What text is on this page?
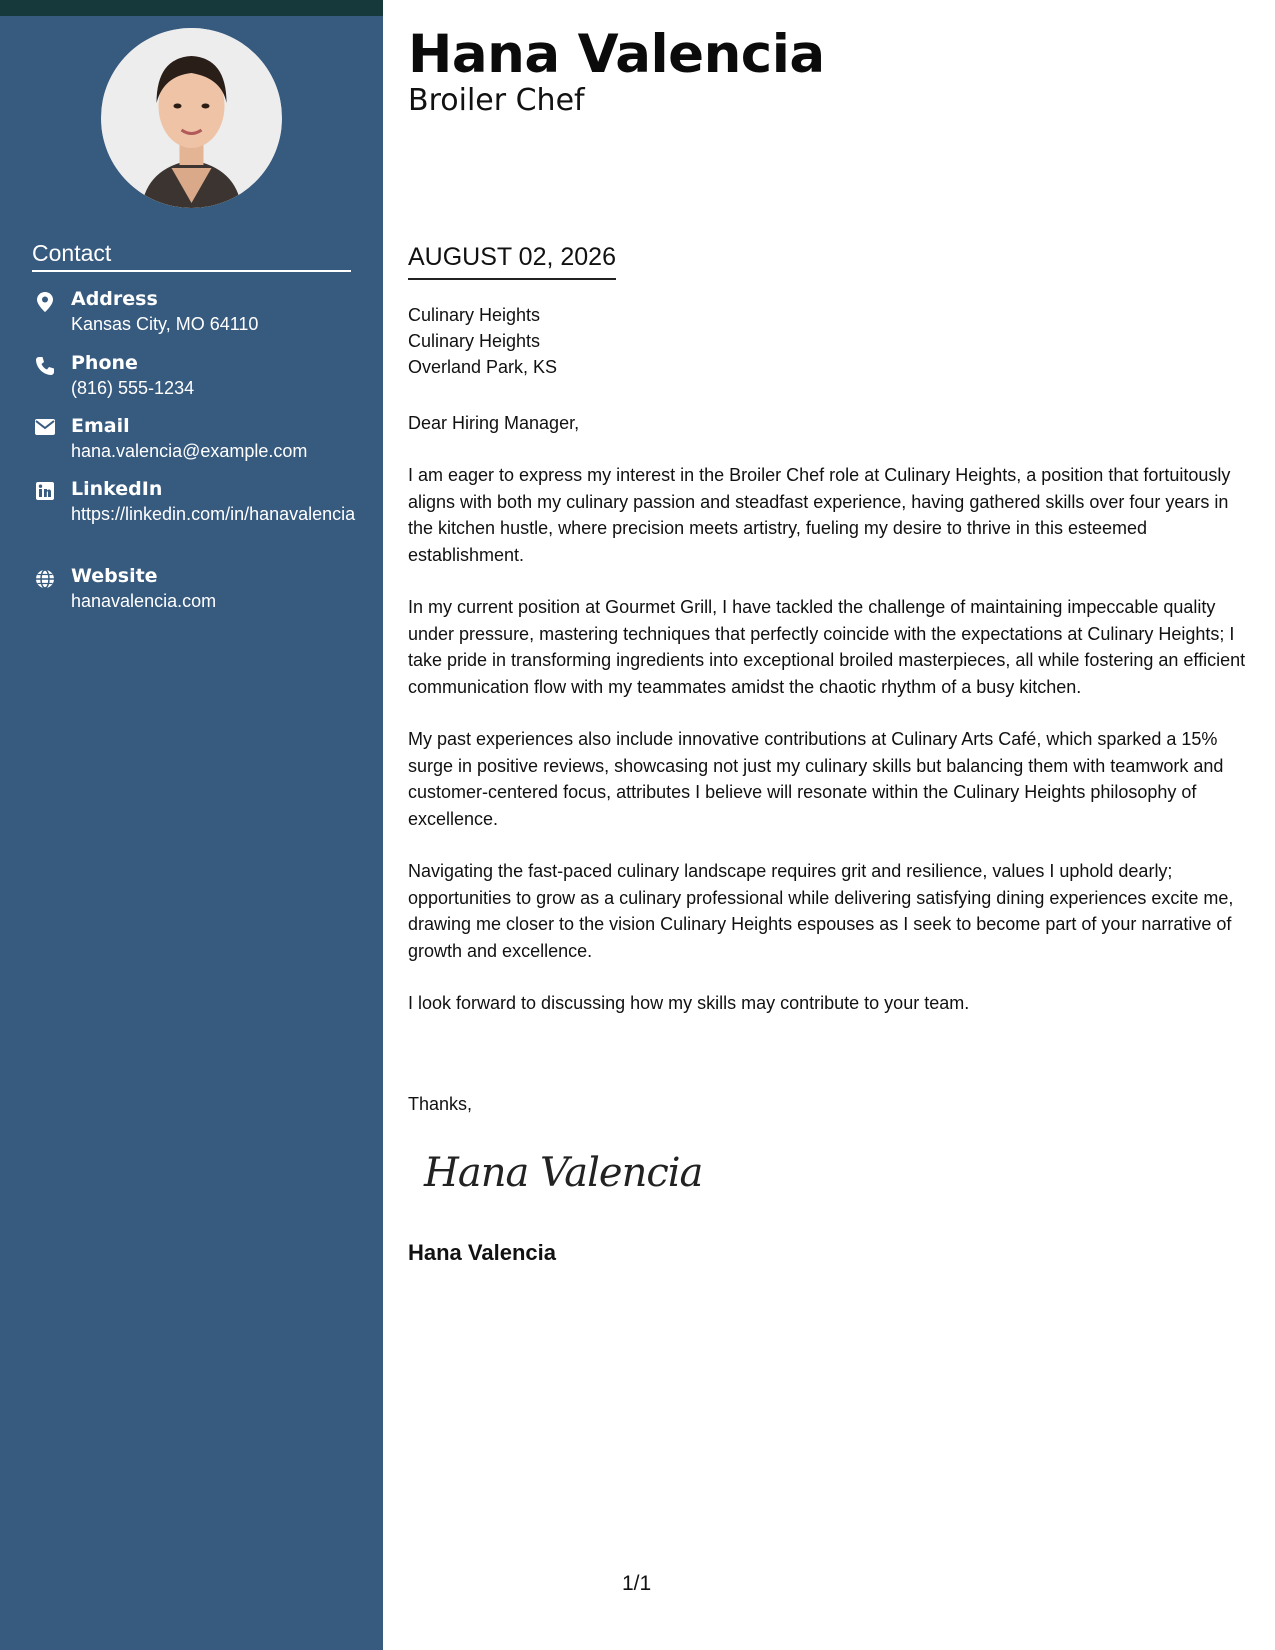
Contact
Address
Kansas City, MO 64110
Phone
(816) 555-1234
Email
hana.valencia@example.com
LinkedIn
https://linkedin.com/in/hanavalencia
Website
hanavalencia.com
Hana Valencia
Broiler Chef
AUGUST 02, 2026
Culinary Heights
Culinary Heights
Overland Park, KS
Dear Hiring Manager,

I am eager to express my interest in the Broiler Chef role at Culinary Heights, a position that fortuitously aligns with both my culinary passion and steadfast experience, having gathered skills over four years in the kitchen hustle, where precision meets artistry, fueling my desire to thrive in this esteemed establishment.

In my current position at Gourmet Grill, I have tackled the challenge of maintaining impeccable quality under pressure, mastering techniques that perfectly coincide with the expectations at Culinary Heights; I take pride in transforming ingredients into exceptional broiled masterpieces, all while fostering an efficient communication flow with my teammates amidst the chaotic rhythm of a busy kitchen.

My past experiences also include innovative contributions at Culinary Arts Café, which sparked a 15% surge in positive reviews, showcasing not just my culinary skills but balancing them with teamwork and customer-centered focus, attributes I believe will resonate within the Culinary Heights philosophy of excellence.

Navigating the fast-paced culinary landscape requires grit and resilience, values I uphold dearly; opportunities to grow as a culinary professional while delivering satisfying dining experiences excite me, drawing me closer to the vision Culinary Heights espouses as I seek to become part of your narrative of growth and excellence.

I look forward to discussing how my skills may contribute to your team.

Thanks,
Hana Valencia
Hana Valencia
1/1
